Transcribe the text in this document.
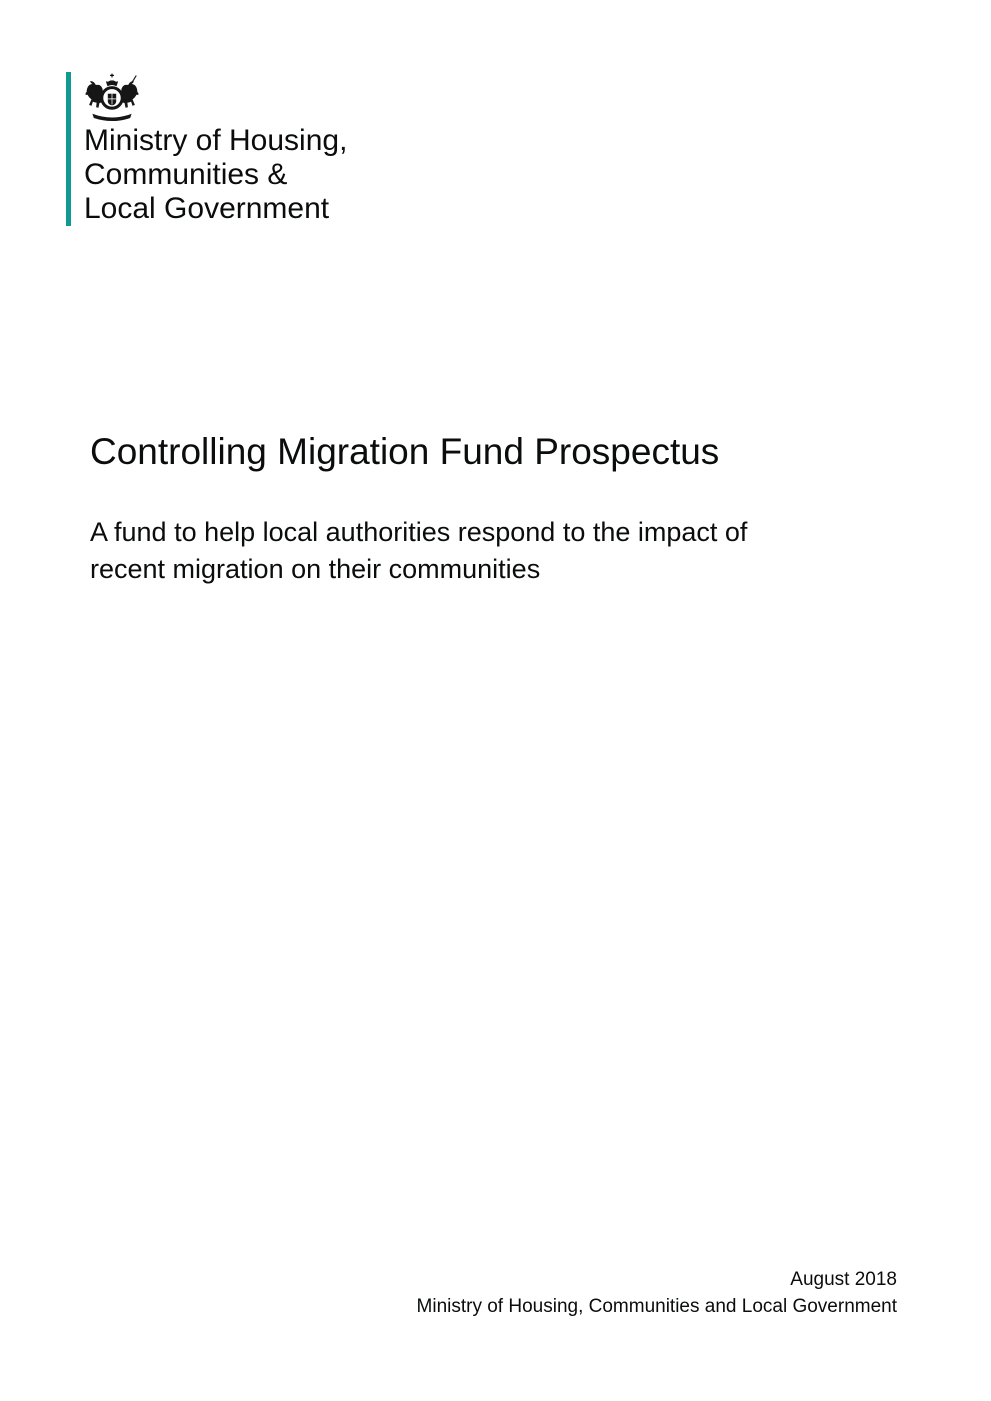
Ministry of Housing,
Communities &
Local Government
Controlling Migration Fund Prospectus
A fund to help local authorities respond to the impact of
recent migration on their communities
August 2018
Ministry of Housing, Communities and Local Government
